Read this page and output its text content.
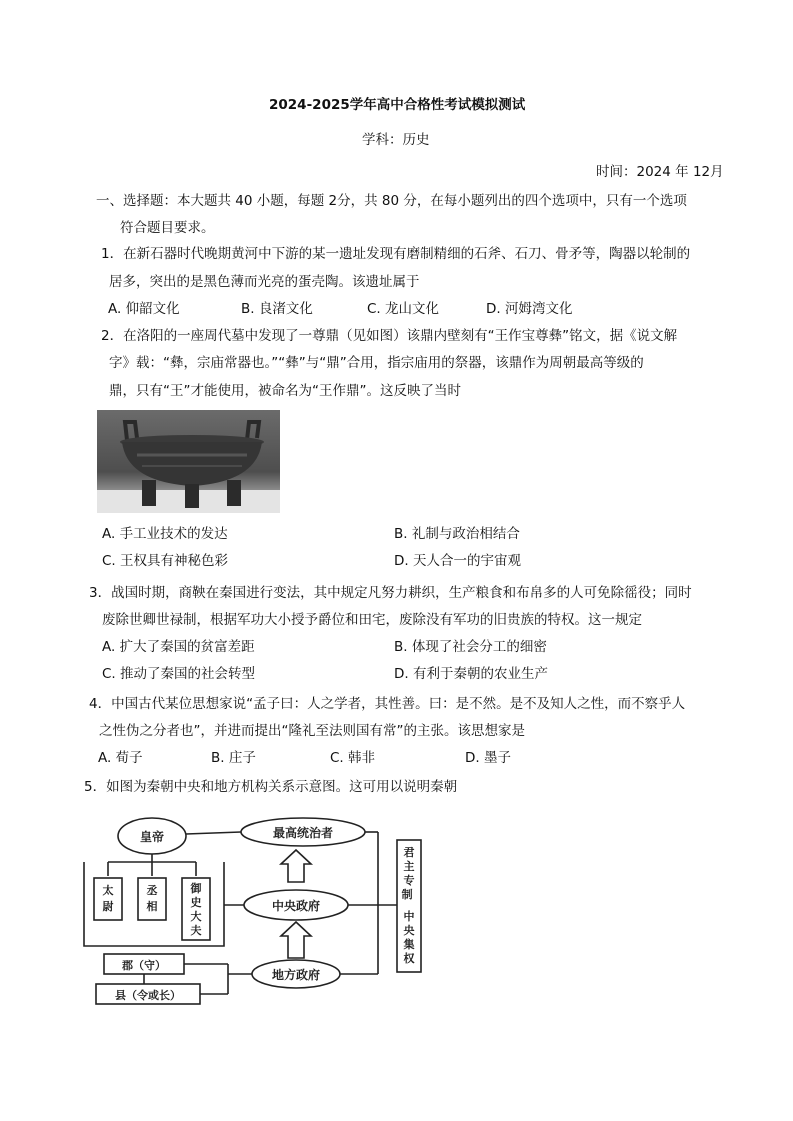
2024-2025学年高中合格性考试模拟测试
学科：历史
时间：2024 年 12月
一、选择题：本大题共 40 小题，每题 2分，共 80 分，在每小题列出的四个选项中，只有一个选项
符合题目要求。
1．在新石器时代晚期黄河中下游的某一遗址发现有磨制精细的石斧、石刀、骨矛等，陶器以轮制的
居多，突出的是黑色薄而光亮的蛋壳陶。该遗址属于
A. 仰韶文化	B. 良渚文化	C. 龙山文化	D. 河姆湾文化
2．在洛阳的一座周代墓中发现了一尊鼎（见如图）该鼎内壁刻有“王作宝尊彝”铭文，据《说文解
字》载：“彝，宗庙常器也。”“彝”与“鼎”合用，指宗庙用的祭器，该鼎作为周朝最高等级的
鼎，只有“王”才能使用，被命名为“王作鼎”。这反映了当时
A. 手工业技术的发达	B. 礼制与政治相结合
C. 王权具有神秘色彩	D. 天人合一的宇宙观
3．战国时期，商鞅在秦国进行变法，其中规定凡努力耕织，生产粮食和布帛多的人可免除徭役；同时
废除世卿世禄制，根据军功大小授予爵位和田宅，废除没有军功的旧贵族的特权。这一规定
A. 扩大了秦国的贫富差距	B. 体现了社会分工的细密
C. 推动了秦国的社会转型	D. 有利于秦朝的农业生产
4．中国古代某位思想家说“孟子曰：人之学者，其性善。曰：是不然。是不及知人之性，而不察乎人
之性伪之分者也”，并进而提出“隆礼至法则国有常”的主张。该思想家是
A. 荀子	B. 庄子	C. 韩非	D. 墨子
5．如图为秦朝中央和地方机构关系示意图。这可用以说明秦朝
皇帝	最高统治者
中央政府
地方政府
郡（守）
县（令或长）
太尉
丞相
御史大夫
君主专制 中央集权
